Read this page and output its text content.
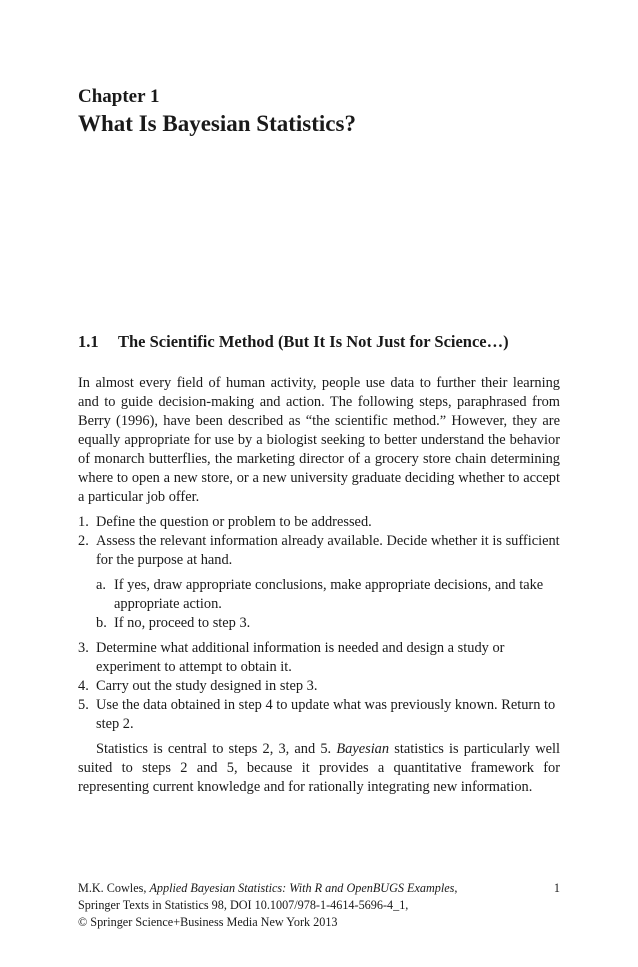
Chapter 1
What Is Bayesian Statistics?
1.1 The Scientific Method (But It Is Not Just for Science…)

In almost every field of human activity, people use data to further their learning and to guide decision-making and action. The following steps, paraphrased from Berry (1996), have been described as “the scientific method.” However, they are equally appropriate for use by a biologist seeking to better understand the behavior of monarch butterflies, the marketing director of a grocery store chain determining where to open a new store, or a new university graduate deciding whether to accept a particular job offer.

1. Define the question or problem to be addressed.
2. Assess the relevant information already available. Decide whether it is sufficient for the purpose at hand.
a. If yes, draw appropriate conclusions, make appropriate decisions, and take appropriate action.
b. If no, proceed to step 3.
3. Determine what additional information is needed and design a study or experiment to attempt to obtain it.
4. Carry out the study designed in step 3.
5. Use the data obtained in step 4 to update what was previously known. Return to step 2.

Statistics is central to steps 2, 3, and 5. Bayesian statistics is particularly well suited to steps 2 and 5, because it provides a quantitative framework for representing current knowledge and for rationally integrating new information.

M.K. Cowles, Applied Bayesian Statistics: With R and OpenBUGS Examples,
Springer Texts in Statistics 98, DOI 10.1007/978-1-4614-5696-4_1,
© Springer Science+Business Media New York 2013
1
